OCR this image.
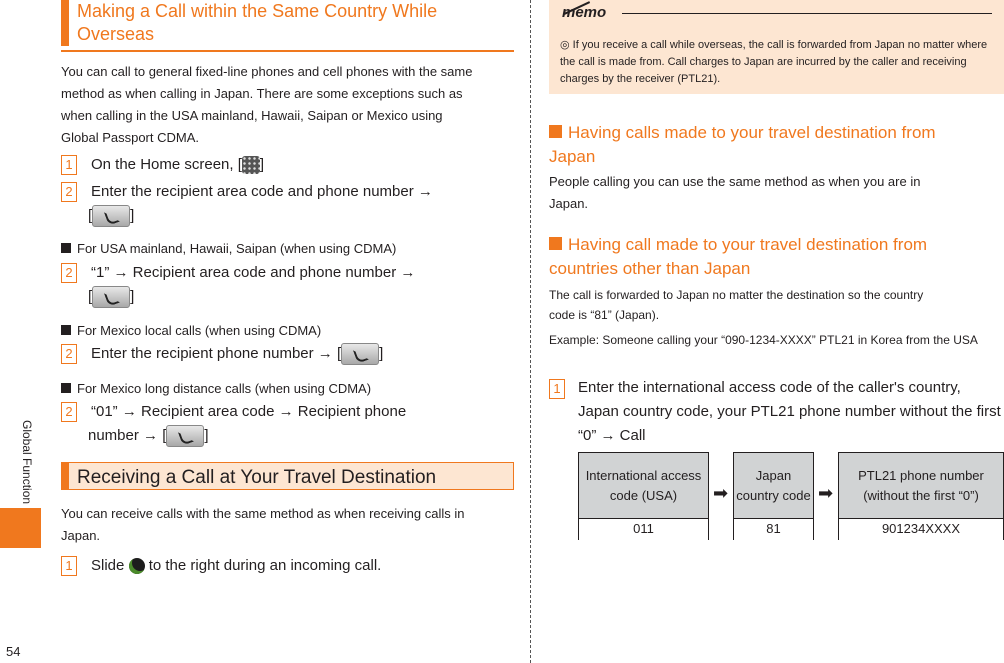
Global Function
54
Making a Call within the Same Country While Overseas
You can call to general fixed-line phones and cell phones with the same method as when calling in Japan. There are some exceptions such as when calling in the USA mainland, Hawaii, Saipan or Mexico using Global Passport CDMA.
1 On the Home screen, [ ]
2 Enter the recipient area code and phone number →
[	]
For USA mainland, Hawaii, Saipan (when using CDMA)
2 “1” → Recipient area code and phone number →
[	]
For Mexico local calls (when using CDMA)
2 Enter the recipient phone number → [	]
For Mexico long distance calls (when using CDMA)
2 “01” → Recipient area code → Recipient phone
number → [	]
Receiving a Call at Your Travel Destination
You can receive calls with the same method as when receiving calls in Japan.
1 Slide to the right during an incoming call.
memo
◎ If you receive a call while overseas, the call is forwarded from Japan no matter where the call is made from. Call charges to Japan are incurred by the caller and receiving charges by the receiver (PTL21).
Having calls made to your travel destination from Japan
People calling you can use the same method as when you are in Japan.
Having call made to your travel destination from countries other than Japan
The call is forwarded to Japan no matter the destination so the country code is “81” (Japan).
Example: Someone calling your “090-1234-XXXX” PTL21 in Korea from the USA
1 Enter the international access code of the caller's country, Japan country code, your PTL21 phone number without the first “0” → Call
International access code (USA)
011
➡
Japan country code
81
➡
PTL21 phone number (without the first “0”)
901234XXXX
